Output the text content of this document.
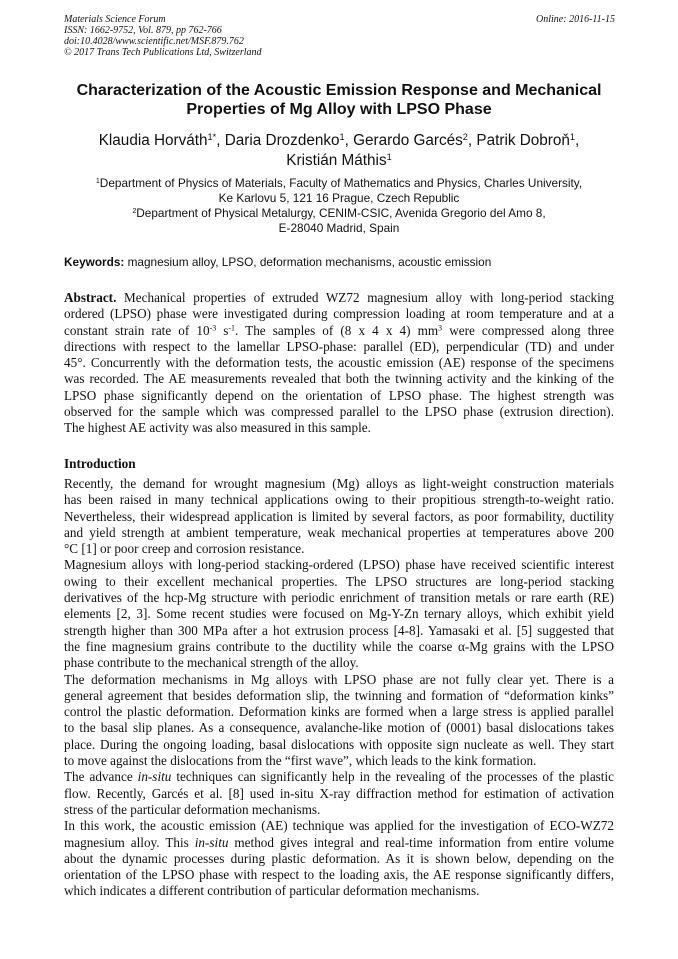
Materials Science Forum
ISSN: 1662-9752, Vol. 879, pp 762-766
doi:10.4028/www.scientific.net/MSF.879.762
© 2017 Trans Tech Publications Ltd, Switzerland
Online: 2016-11-15
Characterization of the Acoustic Emission Response and Mechanical
Properties of Mg Alloy with LPSO Phase
Klaudia Horváth$^{1*}$, Daria Drozdenko$^1$, Gerardo Garcés$^2$, Patrik Dobroň$^1$,
Kristián Máthis$^1$
$^1$Department of Physics of Materials, Faculty of Mathematics and Physics, Charles University,
Ke Karlovu 5, 121 16 Prague, Czech Republic
$^2$Department of Physical Metalurgy, CENIM-CSIC, Avenida Gregorio del Amo 8,
E-28040 Madrid, Spain
Keywords: magnesium alloy, LPSO, deformation mechanisms, acoustic emission
Abstract. Mechanical properties of extruded WZ72 magnesium alloy with long-period stacking
ordered (LPSO) phase were investigated during compression loading at room temperature and at a
constant strain rate of $10^{-3}$ $s^{-1}$. The samples of (8 x 4 x 4) $mm^3$ were compressed along three
directions with respect to the lamellar LPSO-phase: parallel (ED), perpendicular (TD) and under
45°. Concurrently with the deformation tests, the acoustic emission (AE) response of the specimens
was recorded. The AE measurements revealed that both the twinning activity and the kinking of the
LPSO phase significantly depend on the orientation of LPSO phase. The highest strength was
observed for the sample which was compressed parallel to the LPSO phase (extrusion direction).
The highest AE activity was also measured in this sample.
Introduction
Recently, the demand for wrought magnesium (Mg) alloys as light-weight construction materials
has been raised in many technical applications owing to their propitious strength-to-weight ratio.
Nevertheless, their widespread application is limited by several factors, as poor formability, ductility
and yield strength at ambient temperature, weak mechanical properties at temperatures above 200
°C [1] or poor creep and corrosion resistance.
Magnesium alloys with long-period stacking-ordered (LPSO) phase have received scientific interest
owing to their excellent mechanical properties. The LPSO structures are long-period stacking
derivatives of the hcp-Mg structure with periodic enrichment of transition metals or rare earth (RE)
elements [2, 3]. Some recent studies were focused on Mg-Y-Zn ternary alloys, which exhibit yield
strength higher than 300 MPa after a hot extrusion process [4-8]. Yamasaki et al. [5] suggested that
the fine magnesium grains contribute to the ductility while the coarse α-Mg grains with the LPSO
phase contribute to the mechanical strength of the alloy.
The deformation mechanisms in Mg alloys with LPSO phase are not fully clear yet. There is a
general agreement that besides deformation slip, the twinning and formation of “deformation kinks”
control the plastic deformation. Deformation kinks are formed when a large stress is applied parallel
to the basal slip planes. As a consequence, avalanche-like motion of (0001) basal dislocations takes
place. During the ongoing loading, basal dislocations with opposite sign nucleate as well. They start
to move against the dislocations from the “first wave”, which leads to the kink formation.
The advance in-situ techniques can significantly help in the revealing of the processes of the plastic
flow. Recently, Garcés et al. [8] used in-situ X-ray diffraction method for estimation of activation
stress of the particular deformation mechanisms.
In this work, the acoustic emission (AE) technique was applied for the investigation of ECO-WZ72
magnesium alloy. This in-situ method gives integral and real-time information from entire volume
about the dynamic processes during plastic deformation. As it is shown below, depending on the
orientation of the LPSO phase with respect to the loading axis, the AE response significantly differs,
which indicates a different contribution of particular deformation mechanisms.
